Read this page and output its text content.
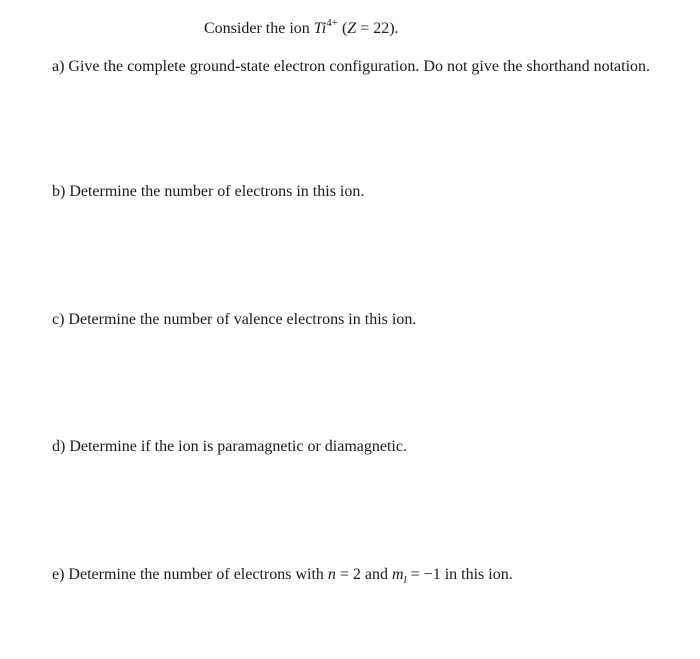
Consider the ion $Ti^{4+}$ (Z = 22).
a) Give the complete ground-state electron configuration. Do not give the shorthand notation.
b) Determine the number of electrons in this ion.
c) Determine the number of valence electrons in this ion.
d) Determine if the ion is paramagnetic or diamagnetic.
e) Determine the number of electrons with n = 2 and $m_l = -1$ in this ion.
